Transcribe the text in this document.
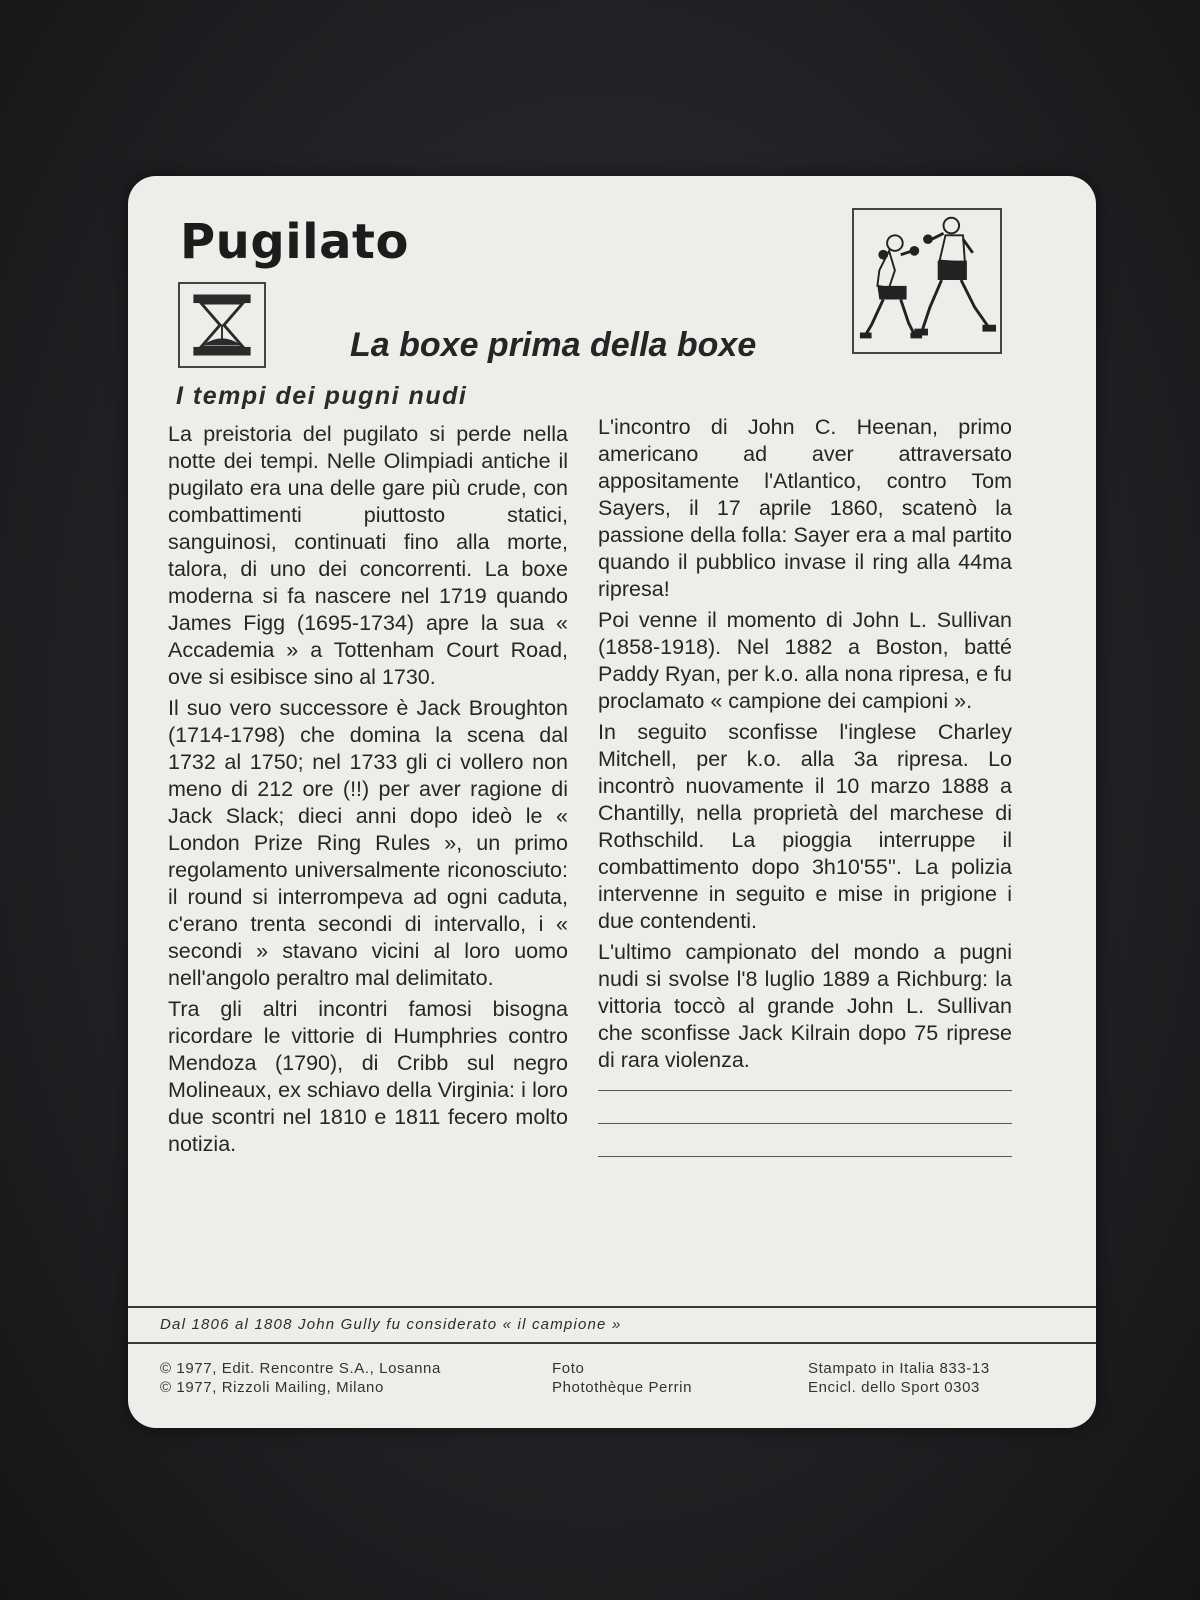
Pugilato
La boxe prima della boxe
I tempi dei pugni nudi

La preistoria del pugilato si perde nella notte dei tempi. Nelle Olimpiadi antiche il pugilato era una delle gare più crude, con combattimenti piuttosto statici, sanguinosi, continuati fino alla morte, talora, di uno dei concorrenti. La boxe moderna si fa nascere nel 1719 quando James Figg (1695-1734) apre la sua « Accademia » a Tottenham Court Road, ove si esibisce sino al 1730.

Il suo vero successore è Jack Broughton (1714-1798) che domina la scena dal 1732 al 1750; nel 1733 gli ci vollero non meno di 212 ore (!!) per aver ragione di Jack Slack; dieci anni dopo ideò le « London Prize Ring Rules », un primo regolamento universalmente riconosciuto: il round si interrompeva ad ogni caduta, c'erano trenta secondi di intervallo, i « secondi » stavano vicini al loro uomo nell'angolo peraltro mal delimitato.

Tra gli altri incontri famosi bisogna ricordare le vittorie di Humphries contro Mendoza (1790), di Cribb sul negro Molineaux, ex schiavo della Virginia: i loro due scontri nel 1810 e 1811 fecero molto notizia.

L'incontro di John C. Heenan, primo americano ad aver attraversato appositamente l'Atlantico, contro Tom Sayers, il 17 aprile 1860, scatenò la passione della folla: Sayer era a mal partito quando il pubblico invase il ring alla 44ma ripresa!

Poi venne il momento di John L. Sullivan (1858-1918). Nel 1882 a Boston, batté Paddy Ryan, per k.o. alla nona ripresa, e fu proclamato « campione dei campioni ».

In seguito sconfisse l'inglese Charley Mitchell, per k.o. alla 3a ripresa. Lo incontrò nuovamente il 10 marzo 1888 a Chantilly, nella proprietà del marchese di Rothschild. La pioggia interruppe il combattimento dopo 3h10'55''. La polizia intervenne in seguito e mise in prigione i due contendenti.

L'ultimo campionato del mondo a pugni nudi si svolse l'8 luglio 1889 a Richburg: la vittoria toccò al grande John L. Sullivan che sconfisse Jack Kilrain dopo 75 riprese di rara violenza.

Dal 1806 al 1808 John Gully fu considerato « il campione »
© 1977, Edit. Rencontre S.A., Losanna
© 1977, Rizzoli Mailing, Milano
Foto
Photothèque Perrin
Stampato in Italia 833-13
Encicl. dello Sport 0303
